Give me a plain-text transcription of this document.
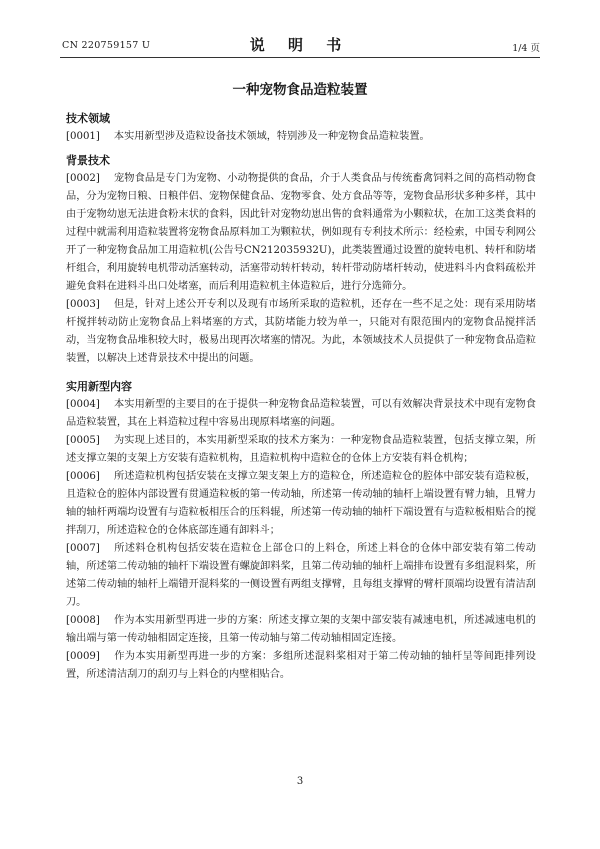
CN 220759157 U	说 明 书	1/4 页
一种宠物食品造粒装置
技术领域
[0001] 本实用新型涉及造粒设备技术领域，特别涉及一种宠物食品造粒装置。
背景技术
[0002] 宠物食品是专门为宠物、小动物提供的食品，介于人类食品与传统畜禽饲料之间的高档动物食品，分为宠物日粮、日粮伴侣、宠物保健食品、宠物零食、处方食品等等，宠物食品形状多种多样，其中由于宠物幼崽无法进食粉末状的食料，因此针对宠物幼崽出售的食料通常为小颗粒状，在加工这类食料的过程中就需利用造粒装置将宠物食品原料加工为颗粒状，例如现有专利技术所示：经检索，中国专利网公开了一种宠物食品加工用造粒机(公告号CN212035932U)，此类装置通过设置的旋转电机、转杆和防堵杆组合，利用旋转电机带动活塞转动，活塞带动转杆转动，转杆带动防堵杆转动，使进料斗内食料疏松并避免食料在进料斗出口处堵塞，而后利用造粒机主体造粒后，进行分选筛分。
[0003] 但是，针对上述公开专利以及现有市场所采取的造粒机，还存在一些不足之处：现有采用防堵杆搅拌转动防止宠物食品上料堵塞的方式，其防堵能力较为单一，只能对有限范围内的宠物食品搅拌活动，当宠物食品堆积较大时，极易出现再次堵塞的情况。为此，本领域技术人员提供了一种宠物食品造粒装置，以解决上述背景技术中提出的问题。
实用新型内容
[0004] 本实用新型的主要目的在于提供一种宠物食品造粒装置，可以有效解决背景技术中现有宠物食品造粒装置，其在上料造粒过程中容易出现原料堵塞的问题。
[0005] 为实现上述目的，本实用新型采取的技术方案为：一种宠物食品造粒装置，包括支撑立架，所述支撑立架的支架上方安装有造粒机构，且造粒机构中造粒仓的仓体上方安装有料仓机构；
[0006] 所述造粒机构包括安装在支撑立架支架上方的造粒仓，所述造粒仓的腔体中部安装有造粒板，且造粒仓的腔体内部设置有贯通造粒板的第一传动轴，所述第一传动轴的轴杆上端设置有臂力轴，且臂力轴的轴杆两端均设置有与造粒板相压合的压料辊，所述第一传动轴的轴杆下端设置有与造粒板相贴合的搅拌刮刀，所述造粒仓的仓体底部连通有卸料斗；
[0007] 所述料仓机构包括安装在造粒仓上部仓口的上料仓，所述上料仓的仓体中部安装有第二传动轴，所述第二传动轴的轴杆下端设置有螺旋卸料桨，且第二传动轴的轴杆上端排布设置有多组混料桨，所述第二传动轴的轴杆上端错开混料桨的一侧设置有两组支撑臂，且每组支撑臂的臂杆顶端均设置有清洁刮刀。
[0008] 作为本实用新型再进一步的方案：所述支撑立架的支架中部安装有减速电机，所述减速电机的输出端与第一传动轴相固定连接，且第一传动轴与第二传动轴相固定连接。
[0009] 作为本实用新型再进一步的方案：多组所述混料桨相对于第二传动轴的轴杆呈等间距排列设置，所述清洁刮刀的刮刃与上料仓的内壁相贴合。
3
